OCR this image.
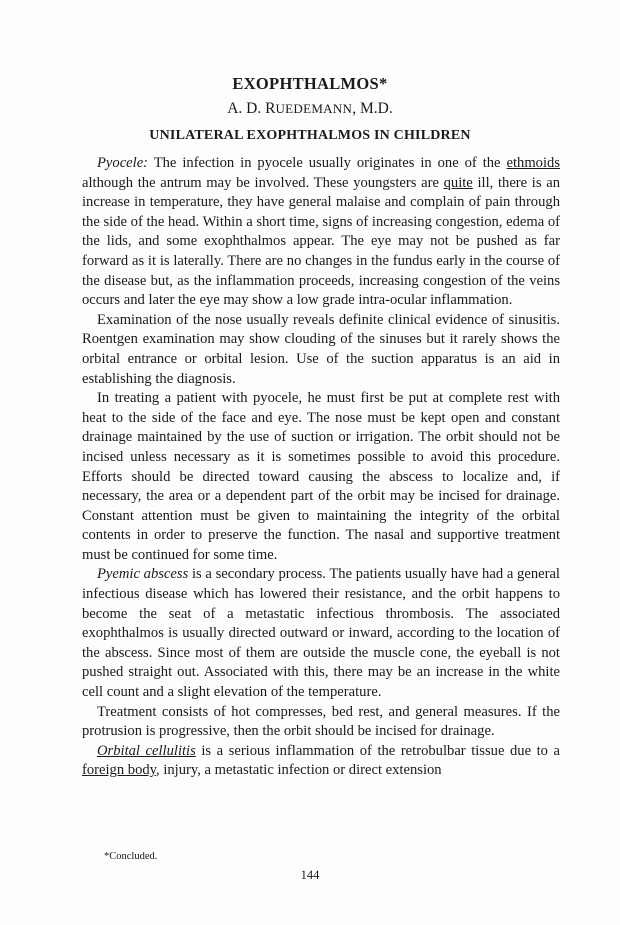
EXOPHTHALMOS*
A. D. RUEDEMANN, M.D.
UNILATERAL EXOPHTHALMOS IN CHILDREN

Pyocele: The infection in pyocele usually originates in one of the ethmoids although the antrum may be involved. These youngsters are quite ill, there is an increase in temperature, they have general malaise and complain of pain through the side of the head. Within a short time, signs of increasing congestion, edema of the lids, and some exophthalmos appear. The eye may not be pushed as far forward as it is laterally. There are no changes in the fundus early in the course of the disease but, as the inflammation proceeds, increasing congestion of the veins occurs and later the eye may show a low grade intra-ocular inflammation.

Examination of the nose usually reveals definite clinical evidence of sinusitis. Roentgen examination may show clouding of the sinuses but it rarely shows the orbital entrance or orbital lesion. Use of the suction apparatus is an aid in establishing the diagnosis.

In treating a patient with pyocele, he must first be put at complete rest with heat to the side of the face and eye. The nose must be kept open and constant drainage maintained by the use of suction or irrigation. The orbit should not be incised unless necessary as it is sometimes possible to avoid this procedure. Efforts should be directed toward causing the abscess to localize and, if necessary, the area or a dependent part of the orbit may be incised for drainage. Constant attention must be given to maintaining the integrity of the orbital contents in order to preserve the function. The nasal and supportive treatment must be continued for some time.

Pyemic abscess is a secondary process. The patients usually have had a general infectious disease which has lowered their resistance, and the orbit happens to become the seat of a metastatic infectious thrombosis. The associated exophthalmos is usually directed outward or inward, according to the location of the abscess. Since most of them are outside the muscle cone, the eyeball is not pushed straight out. Associated with this, there may be an increase in the white cell count and a slight elevation of the temperature.

Treatment consists of hot compresses, bed rest, and general measures. If the protrusion is progressive, then the orbit should be incised for drainage.

Orbital cellulitis is a serious inflammation of the retrobulbar tissue due to a foreign body, injury, a metastatic infection or direct extension

*Concluded.
144
